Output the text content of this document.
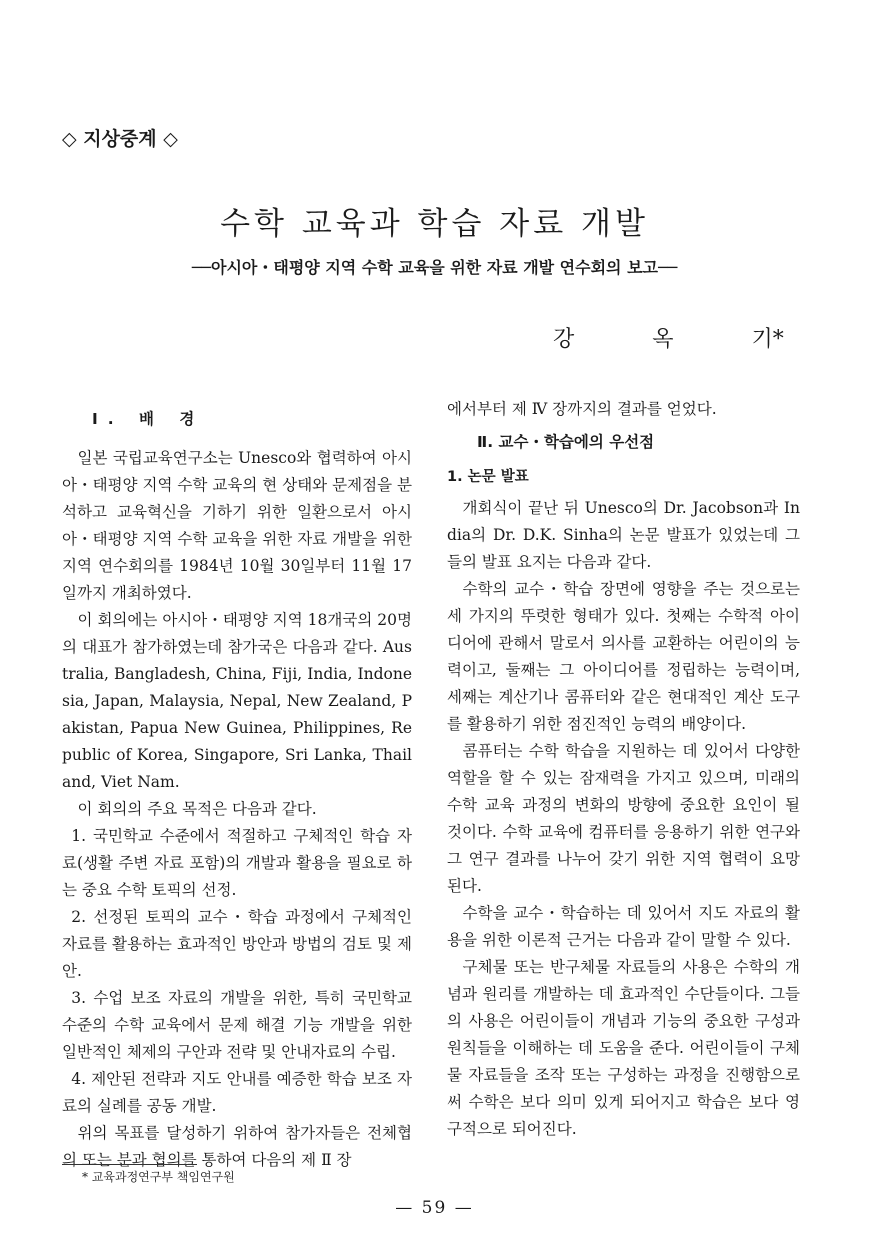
◇ 지상중계 ◇
수학 교육과 학습 자료 개발
──아시아・태평양 지역 수학 교육을 위한 자료 개발 연수회의 보고──
강	옥	기*
Ⅰ. 배 경

일본 국립교육연구소는 Unesco와 협력하여 아시아・태평양 지역 수학 교육의 현 상태와 문제점을 분석하고 교육혁신을 기하기 위한 일환으로서 아시아・태평양 지역 수학 교육을 위한 자료 개발을 위한 지역 연수회의를 1984년 10월 30일부터 11월 17일까지 개최하였다.

이 회의에는 아시아・태평양 지역 18개국의 20명의 대표가 참가하였는데 참가국은 다음과 같다. Australia, Bangladesh, China, Fiji, India, Indonesia, Japan, Malaysia, Nepal, New Zealand, Pakistan, Papua New Guinea, Philippines, Republic of Korea, Singapore, Sri Lanka, Thailand, Viet Nam.

이 회의의 주요 목적은 다음과 같다.

1. 국민학교 수준에서 적절하고 구체적인 학습 자료(생활 주변 자료 포함)의 개발과 활용을 필요로 하는 중요 수학 토픽의 선정.

2. 선정된 토픽의 교수・학습 과정에서 구체적인 자료를 활용하는 효과적인 방안과 방법의 검토 및 제안.

3. 수업 보조 자료의 개발을 위한, 특히 국민학교 수준의 수학 교육에서 문제 해결 기능 개발을 위한 일반적인 체제의 구안과 전략 및 안내자료의 수립.

4. 제안된 전략과 지도 안내를 예증한 학습 보조 자료의 실례를 공동 개발.

위의 목표를 달성하기 위하여 참가자들은 전체협의 또는 분과 협의를 통하여 다음의 제 Ⅱ 장

에서부터 제 Ⅳ 장까지의 결과를 얻었다.

Ⅱ. 교수・학습에의 우선점
1. 논문 발표

개회식이 끝난 뒤 Unesco의 Dr. Jacobson과 India의 Dr. D.K. Sinha의 논문 발표가 있었는데 그들의 발표 요지는 다음과 같다.

수학의 교수・학습 장면에 영향을 주는 것으로는 세 가지의 뚜렷한 형태가 있다. 첫째는 수학적 아이디어에 관해서 말로서 의사를 교환하는 어린이의 능력이고, 둘째는 그 아이디어를 정립하는 능력이며, 세째는 계산기나 콤퓨터와 같은 현대적인 계산 도구를 활용하기 위한 점진적인 능력의 배양이다.

콤퓨터는 수학 학습을 지원하는 데 있어서 다양한 역할을 할 수 있는 잠재력을 가지고 있으며, 미래의 수학 교육 과정의 변화의 방향에 중요한 요인이 될 것이다. 수학 교육에 컴퓨터를 응용하기 위한 연구와 그 연구 결과를 나누어 갖기 위한 지역 협력이 요망된다.

수학을 교수・학습하는 데 있어서 지도 자료의 활용을 위한 이론적 근거는 다음과 같이 말할 수 있다.

구체물 또는 반구체물 자료들의 사용은 수학의 개념과 원리를 개발하는 데 효과적인 수단들이다. 그들의 사용은 어린이들이 개념과 기능의 중요한 구성과 원칙들을 이해하는 데 도움을 준다. 어린이들이 구체물 자료들을 조작 또는 구성하는 과정을 진행함으로써 수학은 보다 의미 있게 되어지고 학습은 보다 영구적으로 되어진다.

* 교육과정연구부 책임연구원
— 59 —
